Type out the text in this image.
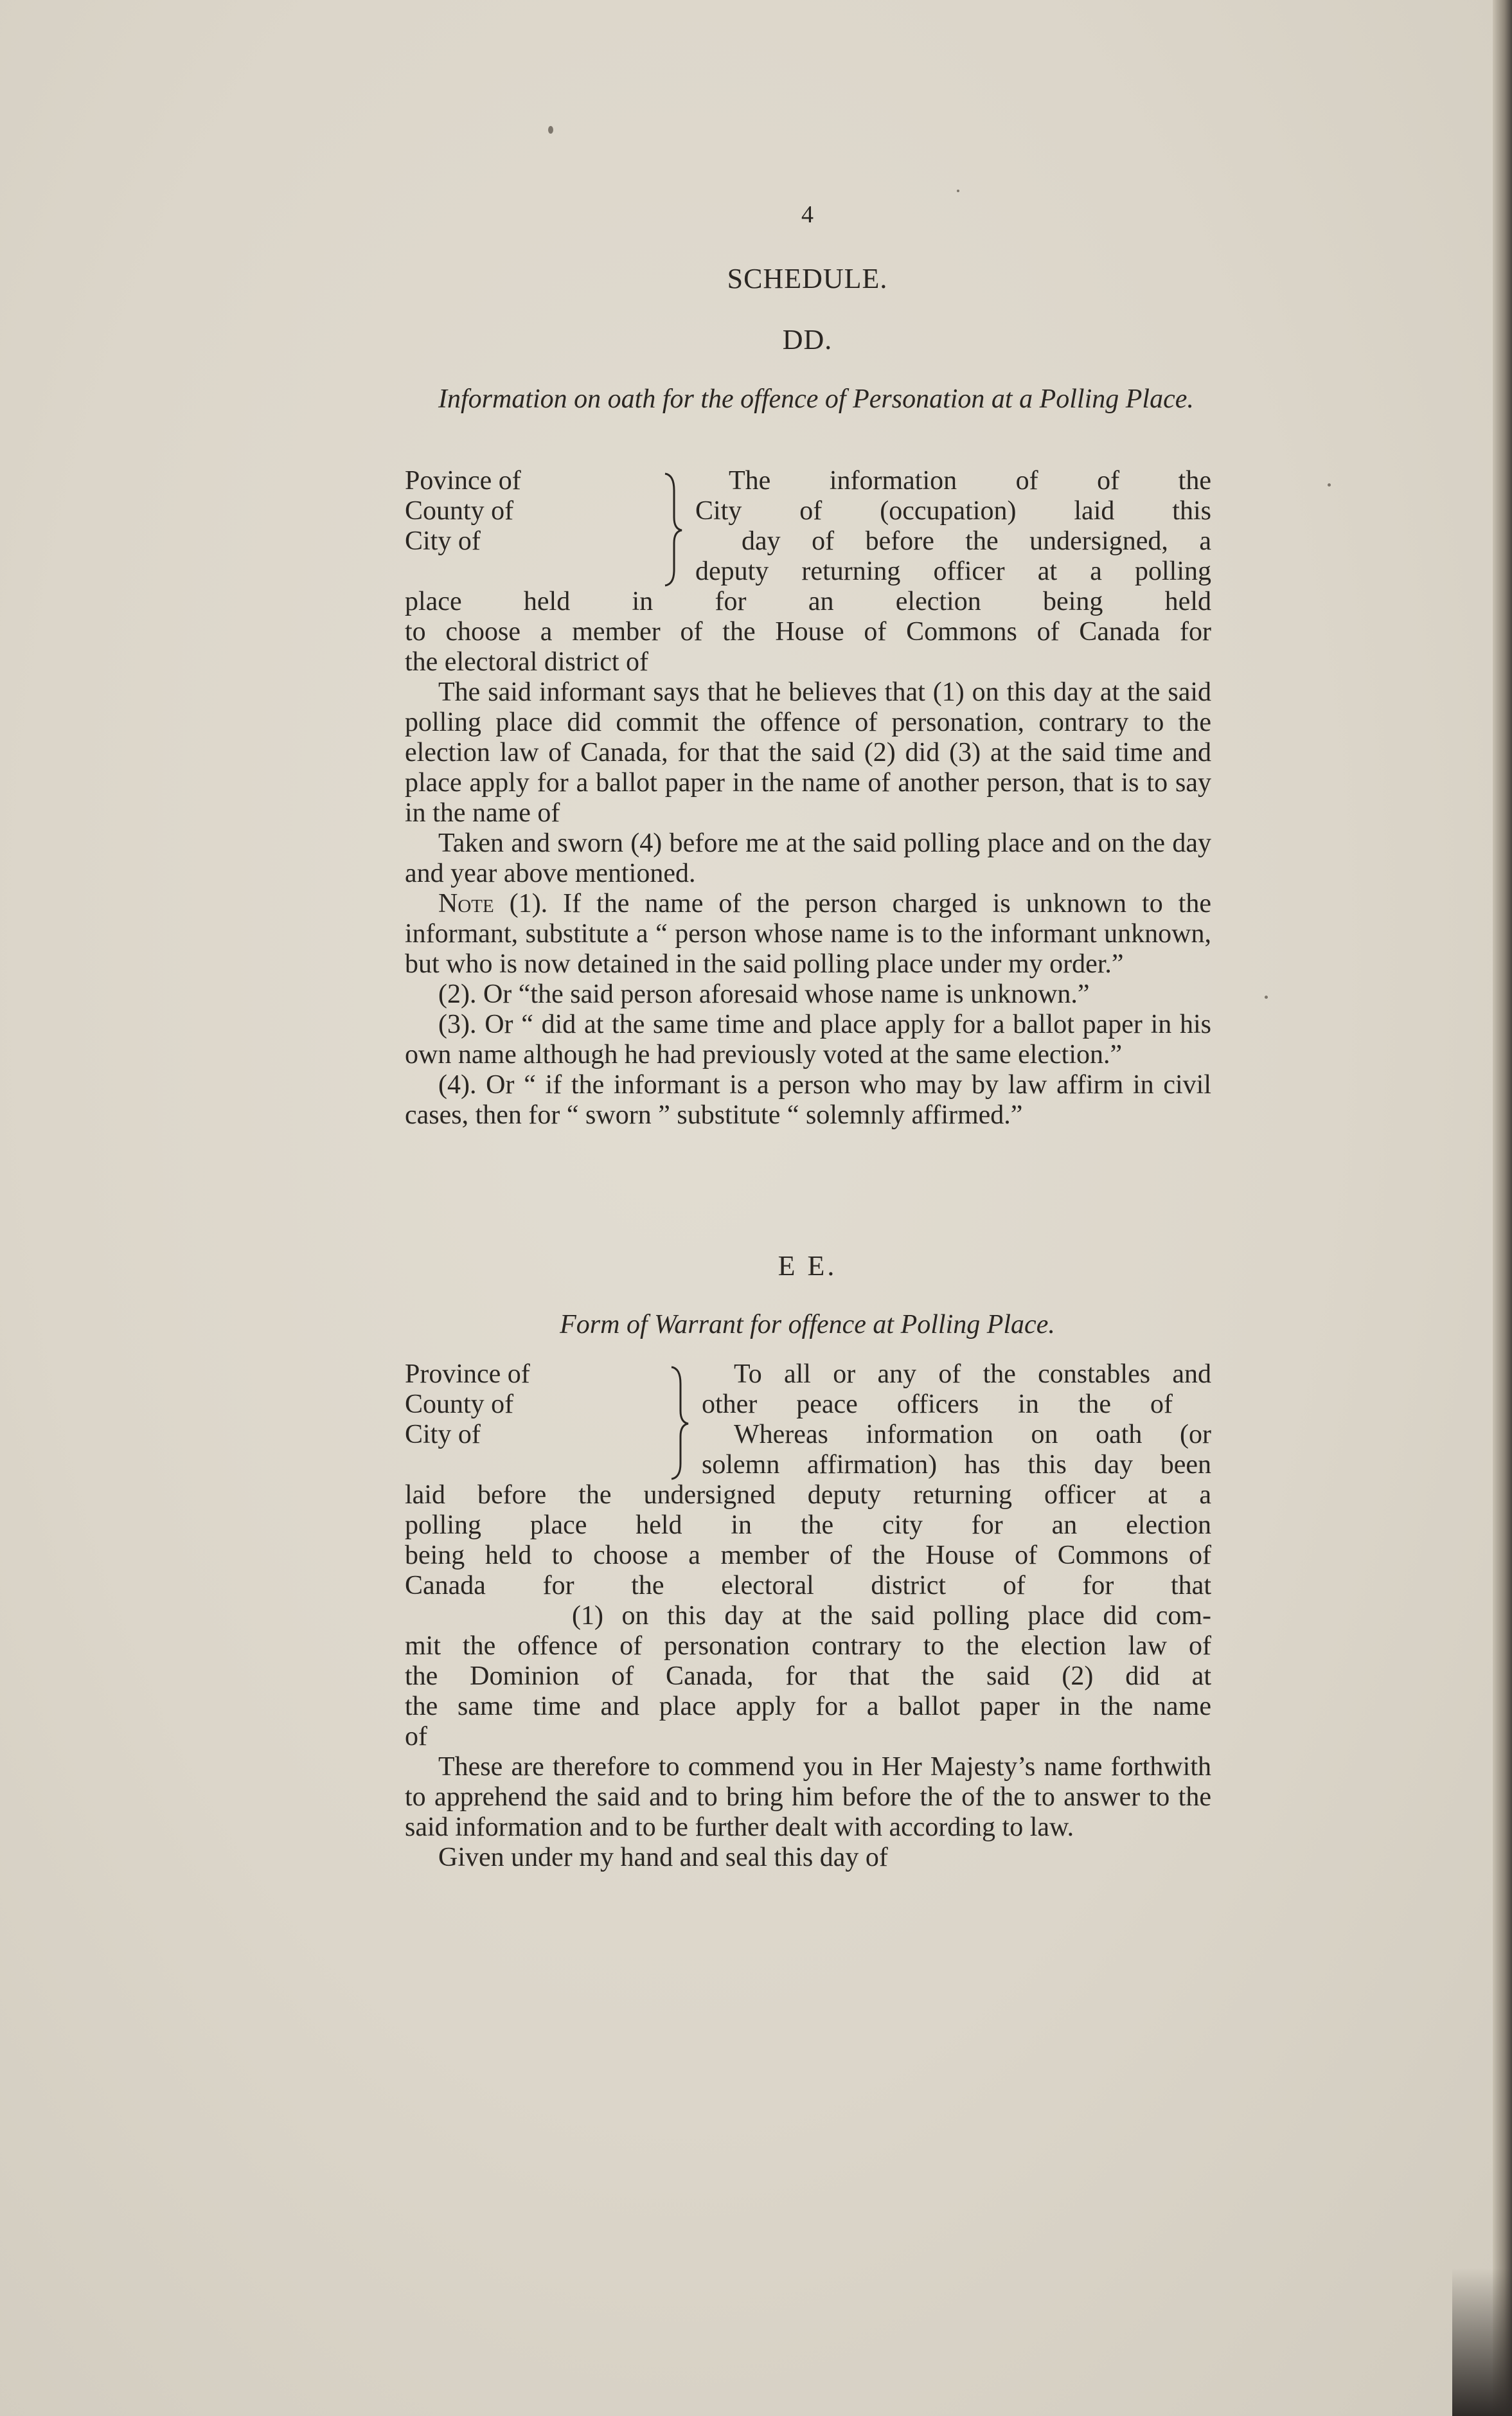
4
SCHEDULE.
DD.
Information on oath for the offence of Personation at a Polling Place.
Povince of
County of
City of
The information of of the
City of (occupation) laid this
day of before the undersigned, a
deputy returning officer at a polling
place held in for an election being held
to choose a member of the House of Commons of Canada for
the electoral district of

The said informant says that he believes that (1) on this day at the said polling place did commit the offence of personation, contrary to the election law of Canada, for that the said (2) did (3) at the said time and place apply for a ballot paper in the name of another person, that is to say in the name of

Taken and sworn (4) before me at the said polling place and on the day and year above mentioned.

Note (1). If the name of the person charged is unknown to the informant, substitute a “ person whose name is to the informant unknown, but who is now detained in the said polling place under my order.”

(2). Or “the said person aforesaid whose name is unknown.”

(3). Or “ did at the same time and place apply for a ballot paper in his own name although he had previously voted at the same election.”

(4). Or “ if the informant is a person who may by law affirm in civil cases, then for “ sworn ” substitute “ solemnly affirmed.”

E E.
Form of Warrant for offence at Polling Place.
Province of
County of
City of
To all or any of the constables and
other peace officers in the of
Whereas information on oath (or
solemn affirmation) has this day been
laid before the undersigned deputy returning officer at a
polling place held in the city for an election
being held to choose a member of the House of Commons of
Canada for the electoral district of for that
(1) on this day at the said polling place did com-
mit the offence of personation contrary to the election law of
the Dominion of Canada, for that the said (2) did at
the same time and place apply for a ballot paper in the name
of

These are therefore to commend you in Her Majesty’s name forthwith to apprehend the said and to bring him before the of the to answer to the said information and to be further dealt with according to law.

Given under my hand and seal this day of
